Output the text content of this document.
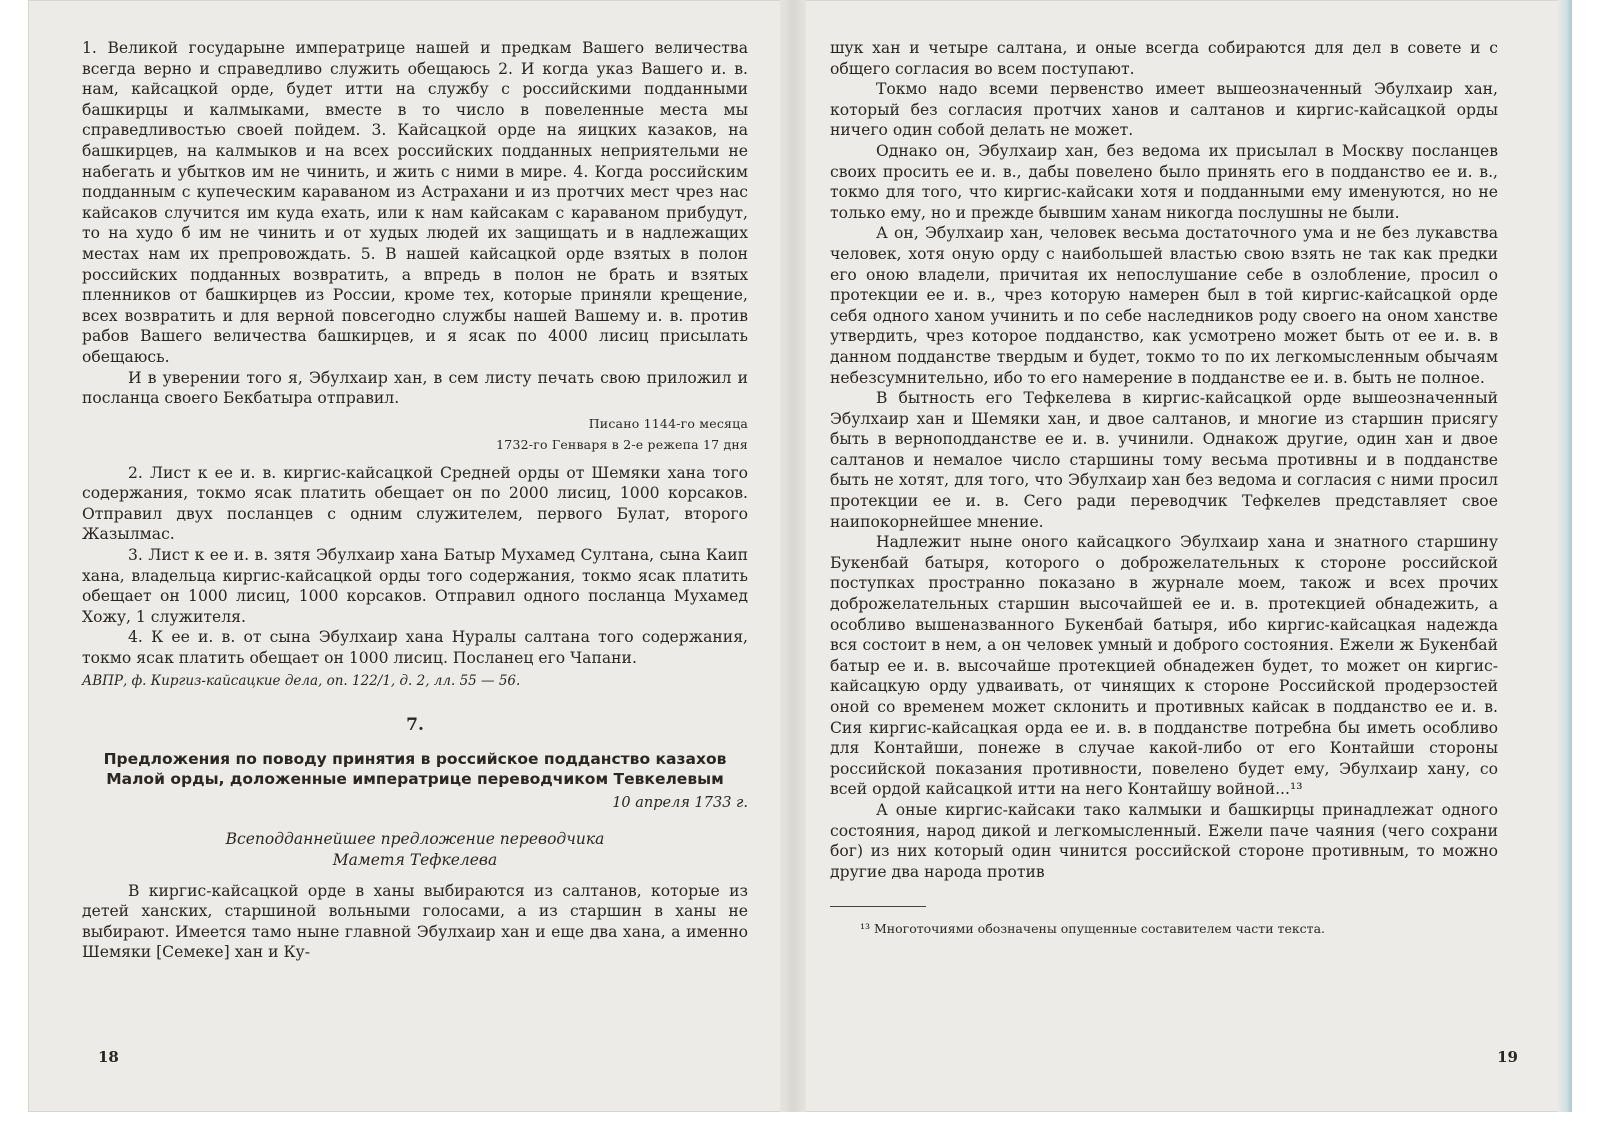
1. Великой государыне императрице нашей и предкам Вашего величества всегда верно и справедливо служить обещаюсь 2. И когда указ Вашего и. в. нам, кайсацкой орде, будет итти на службу с российскими подданными башкирцы и калмыками, вместе в то число в повеленные места мы справедливостью своей пойдем. 3. Кайсацкой орде на яицких казаков, на башкирцев, на калмыков и на всех российских подданных неприятельми не набегать и убытков им не чинить, и жить с ними в мире. 4. Когда российским подданным с купеческим караваном из Астрахани и из протчих мест чрез нас кайсаков случится им куда ехать, или к нам кайсакам с караваном прибудут, то на худо б им не чинить и от худых людей их защищать и в надлежащих местах нам их препровождать. 5. В нашей кайсацкой орде взятых в полон российских подданных возвратить, а впредь в полон не брать и взятых пленников от башкирцев из России, кроме тех, которые приняли крещение, всех возвратить и для верной повсегодно службы нашей Вашему и. в. против рабов Вашего величества башкирцев, и я ясак по 4000 лисиц присылать обещаюсь.

И в уверении того я, Эбулхаир хан, в сем листу печать свою приложил и посланца своего Бекбатыра отправил.

Писано 1144-го месяца

1732-го Генваря в 2-е режепа 17 дня

2. Лист к ее и. в. киргис-кайсацкой Средней орды от Шемяки хана того содержания, токмо ясак платить обещает он по 2000 лисиц, 1000 корсаков. Отправил двух посланцев с одним служителем, первого Булат, второго Жазылмас.

3. Лист к ее и. в. зятя Эбулхаир хана Батыр Мухамед Султана, сына Каип хана, владельца киргис-кайсацкой орды того содержания, токмо ясак платить обещает он 1000 лисиц, 1000 корсаков. Отправил одного посланца Мухамед Хожу, 1 служителя.

4. К ее и. в. от сына Эбулхаир хана Нуралы салтана того содержания, токмо ясак платить обещает он 1000 лисиц. Посланец его Чапани.

АВПР, ф. Киргиз-кайсацкие дела, оп. 122/1, д. 2, лл. 55 — 56.

7.

Предложения по поводу принятия в российское подданство казахов Малой орды, доложенные императрице переводчиком Тевкелевым

10 апреля 1733 г.

Всеподданнейшее предложение переводчика
Маметя Тефкелева

В киргис-кайсацкой орде в ханы выбираются из салтанов, которые из детей ханских, старшиной вольными голосами, а из старшин в ханы не выбирают. Имеется тамо ныне главной Эбулхаир хан и еще два хана, а именно Шемяки [Семеке] хан и Ку-

18

шук хан и четыре салтана, и оные всегда собираются для дел в совете и с общего согласия во всем поступают.

Токмо надо всеми первенство имеет вышеозначенный Эбулхаир хан, который без согласия протчих ханов и салтанов и киргис-кайсацкой орды ничего один собой делать не может.

Однако он, Эбулхаир хан, без ведома их присылал в Москву посланцев своих просить ее и. в., дабы повелено было принять его в подданство ее и. в., токмо для того, что киргис-кайсаки хотя и подданными ему именуются, но не только ему, но и прежде бывшим ханам никогда послушны не были.

А он, Эбулхаир хан, человек весьма достаточного ума и не без лукавства человек, хотя оную орду с наибольшей властью свою взять не так как предки его оною владели, причитая их непослушание себе в озлобление, просил о протекции ее и. в., чрез которую намерен был в той киргис-кайсацкой орде себя одного ханом учинить и по себе наследников роду своего на оном ханстве утвердить, чрез которое подданство, как усмотрено может быть от ее и. в. в данном подданстве твердым и будет, токмо то по их легкомысленным обычаям небезсумнительно, ибо то его намерение в подданстве ее и. в. быть не полное.

В бытность его Тефкелева в киргис-кайсацкой орде вышеозначенный Эбулхаир хан и Шемяки хан, и двое салтанов, и многие из старшин присягу быть в верноподданстве ее и. в. учинили. Однакож другие, один хан и двое салтанов и немалое число старшины тому весьма противны и в подданстве быть не хотят, для того, что Эбулхаир хан без ведома и согласия с ними просил протекции ее и. в. Сего ради переводчик Тефкелев представляет свое наипокорнейшее мнение.

Надлежит ныне оного кайсацкого Эбулхаир хана и знатного старшину Букенбай батыря, которого о доброжелательных к стороне российской поступках пространно показано в журнале моем, також и всех прочих доброжелательных старшин высочайшей ее и. в. протекцией обнадежить, а особливо вышеназванного Букенбай батыря, ибо киргис-кайсацкая надежда вся состоит в нем, а он человек умный и доброго состояния. Ежели ж Букенбай батыр ее и. в. высочайше протекцией обнадежен будет, то может он киргис-кайсацкую орду удваивать, от чинящих к стороне Российской продерзостей оной со временем может склонить и противных кайсак в подданство ее и. в. Сия киргис-кайсацкая орда ее и. в. в подданстве потребна бы иметь особливо для Контайши, понеже в случае какой-либо от его Контайши стороны российской показания противности, повелено будет ему, Эбулхаир хану, со всей ордой кайсацкой итти на него Контайшу войной...¹³

А оные киргис-кайсаки тако калмыки и башкирцы принадлежат одного состояния, народ дикой и легкомысленный. Ежели паче чаяния (чего сохрани бог) из них который один чинится российской стороне противным, то можно другие два народа против

¹³ Многоточиями обозначены опущенные составителем части текста.

19
